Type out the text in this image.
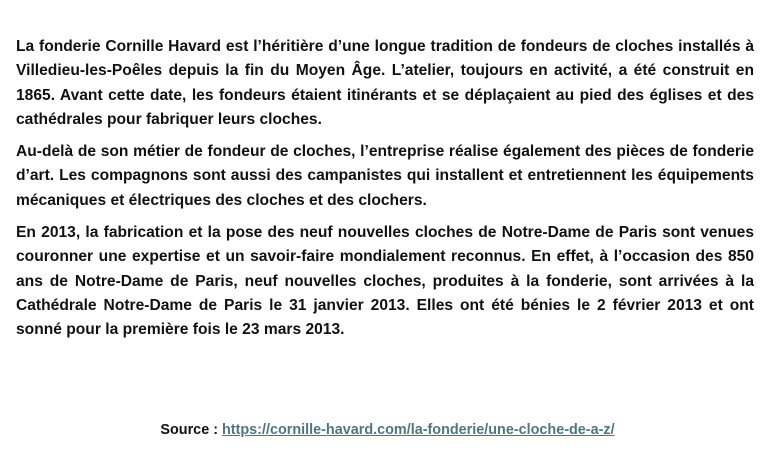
La fonderie Cornille Havard est l’héritière d’une longue tradition de fondeurs de cloches installés à Villedieu-les-Poêles depuis la fin du Moyen Âge. L’atelier, toujours en activité, a été construit en 1865. Avant cette date, les fondeurs étaient itinérants et se déplaçaient au pied des églises et des cathédrales pour fabriquer leurs cloches.

Au-delà de son métier de fondeur de cloches, l’entreprise réalise également des pièces de fonderie d’art. Les compagnons sont aussi des campanistes qui installent et entretiennent les équipements mécaniques et électriques des cloches et des clochers.

En 2013, la fabrication et la pose des neuf nouvelles cloches de Notre-Dame de Paris sont venues couronner une expertise et un savoir-faire mondialement reconnus. En effet, à l’occasion des 850 ans de Notre-Dame de Paris, neuf nouvelles cloches, produites à la fonderie, sont arrivées à la Cathédrale Notre-Dame de Paris le 31 janvier 2013. Elles ont été bénies le 2 février 2013 et ont sonné pour la première fois le 23 mars 2013.

Source : https://cornille-havard.com/la-fonderie/une-cloche-de-a-z/
